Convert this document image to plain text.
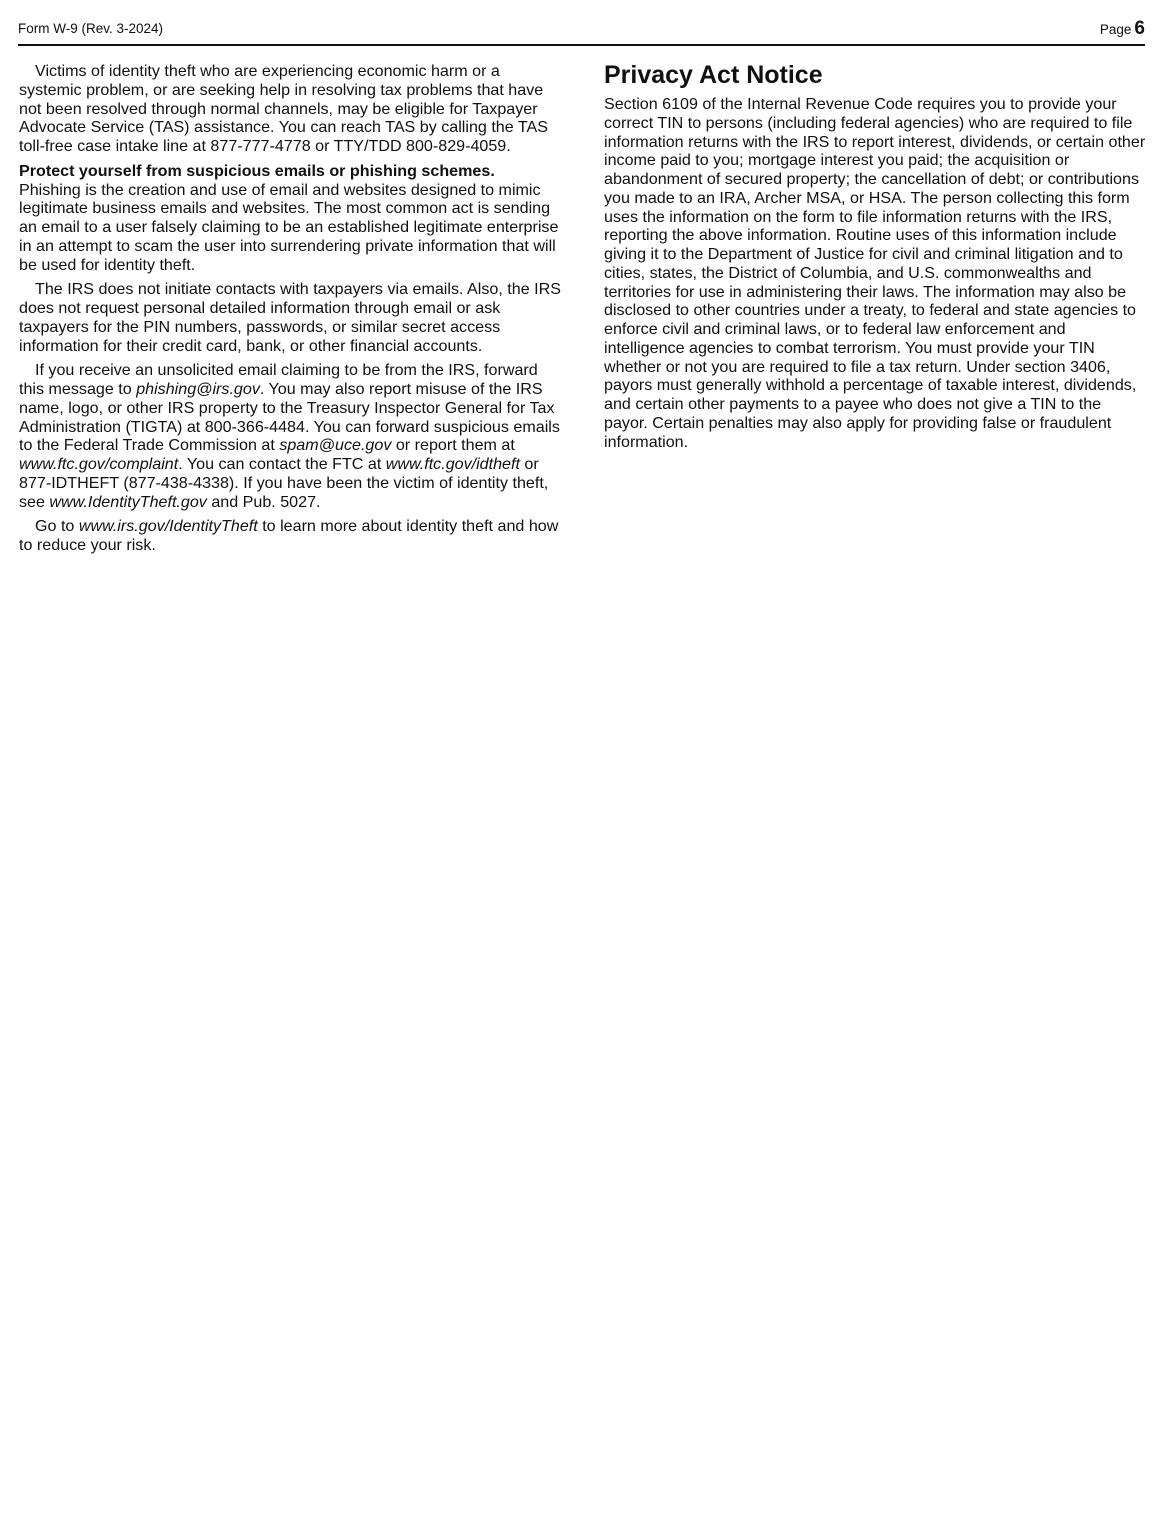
Form W-9 (Rev. 3-2024)	Page 6

Victims of identity theft who are experiencing economic harm or a systemic problem, or are seeking help in resolving tax problems that have not been resolved through normal channels, may be eligible for Taxpayer Advocate Service (TAS) assistance. You can reach TAS by calling the TAS toll-free case intake line at 877-777-4778 or TTY/TDD 800-829-4059.

Protect yourself from suspicious emails or phishing schemes. Phishing is the creation and use of email and websites designed to mimic legitimate business emails and websites. The most common act is sending an email to a user falsely claiming to be an established legitimate enterprise in an attempt to scam the user into surrendering private information that will be used for identity theft.

The IRS does not initiate contacts with taxpayers via emails. Also, the IRS does not request personal detailed information through email or ask taxpayers for the PIN numbers, passwords, or similar secret access information for their credit card, bank, or other financial accounts.

If you receive an unsolicited email claiming to be from the IRS, forward this message to phishing@irs.gov. You may also report misuse of the IRS name, logo, or other IRS property to the Treasury Inspector General for Tax Administration (TIGTA) at 800-366-4484. You can forward suspicious emails to the Federal Trade Commission at spam@uce.gov or report them at www.ftc.gov/complaint. You can contact the FTC at www.ftc.gov/idtheft or 877-IDTHEFT (877-438-4338). If you have been the victim of identity theft, see www.IdentityTheft.gov and Pub. 5027.

Go to www.irs.gov/IdentityTheft to learn more about identity theft and how to reduce your risk.

Privacy Act Notice

Section 6109 of the Internal Revenue Code requires you to provide your correct TIN to persons (including federal agencies) who are required to file information returns with the IRS to report interest, dividends, or certain other income paid to you; mortgage interest you paid; the acquisition or abandonment of secured property; the cancellation of debt; or contributions you made to an IRA, Archer MSA, or HSA. The person collecting this form uses the information on the form to file information returns with the IRS, reporting the above information. Routine uses of this information include giving it to the Department of Justice for civil and criminal litigation and to cities, states, the District of Columbia, and U.S. commonwealths and territories for use in administering their laws. The information may also be disclosed to other countries under a treaty, to federal and state agencies to enforce civil and criminal laws, or to federal law enforcement and intelligence agencies to combat terrorism. You must provide your TIN whether or not you are required to file a tax return. Under section 3406, payors must generally withhold a percentage of taxable interest, dividends, and certain other payments to a payee who does not give a TIN to the payor. Certain penalties may also apply for providing false or fraudulent information.
